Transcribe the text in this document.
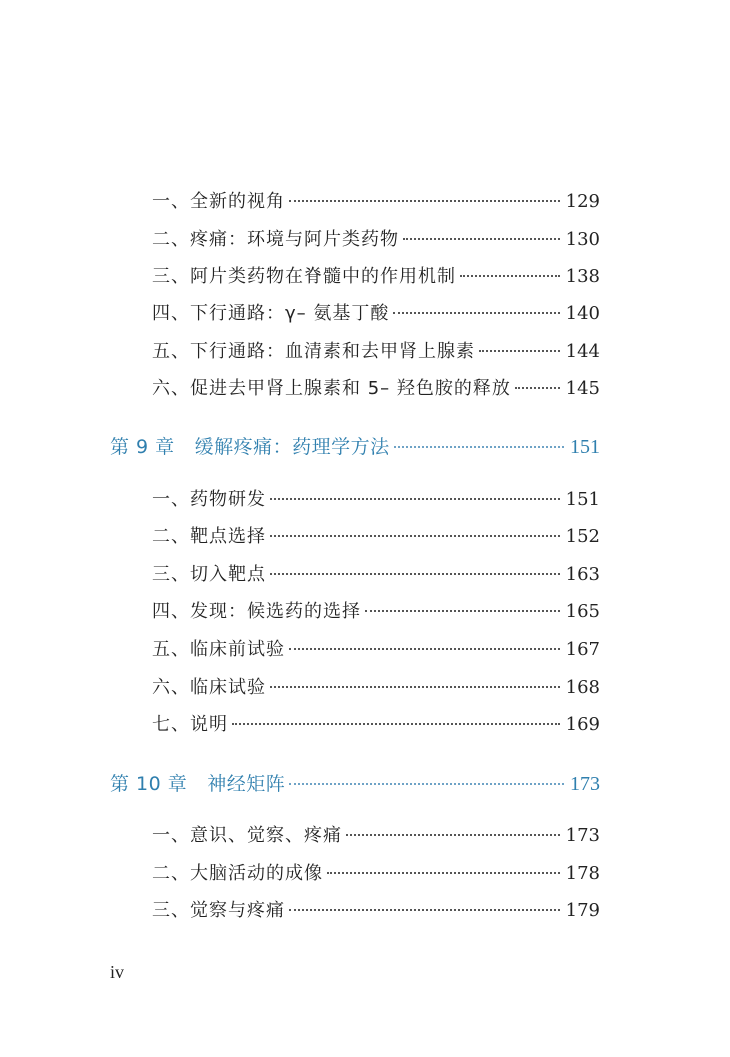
一、全新的视角	129
二、疼痛：环境与阿片类药物	130
三、阿片类药物在脊髓中的作用机制	138
四、下行通路：γ– 氨基丁酸	140
五、下行通路：血清素和去甲肾上腺素	144
六、促进去甲肾上腺素和 5– 羟色胺的释放	145
第 9 章 缓解疼痛：药理学方法	151
一、药物研发	151
二、靶点选择	152
三、切入靶点	163
四、发现：候选药的选择	165
五、临床前试验	167
六、临床试验	168
七、说明	169
第 10 章 神经矩阵	173
一、意识、觉察、疼痛	173
二、大脑活动的成像	178
三、觉察与疼痛	179
iv
